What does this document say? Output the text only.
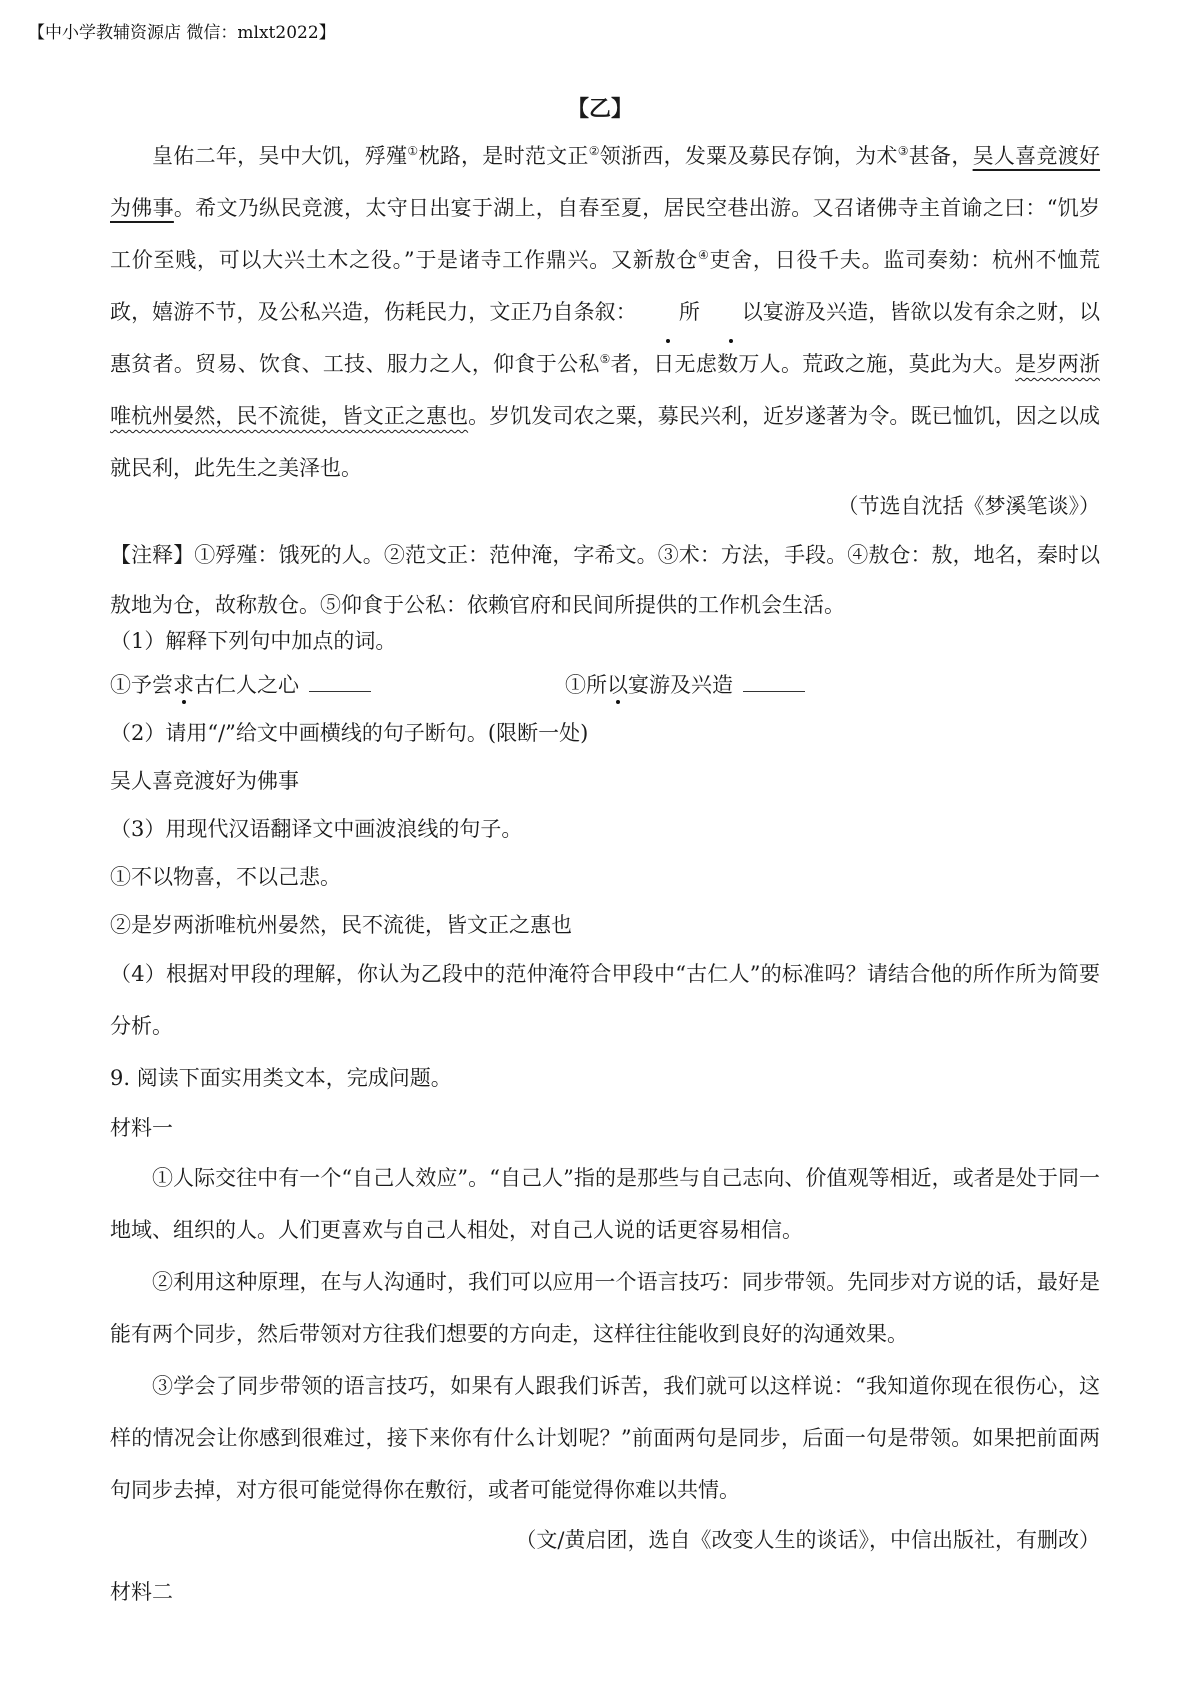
【中小学教辅资源店 微信：mlxt2022】
【乙】
皇佑二年，吴中大饥，殍殣①枕路，是时范文正②领浙西，发粟及募民存饷，为术③甚备，吴人喜竞渡好为佛事。希文乃纵民竞渡，太守日出宴于湖上，自春至夏，居民空巷出游。又召诸佛寺主首谕之曰：“饥岁工价至贱，可以大兴土木之役。”于是诸寺工作鼎兴。又新敖仓④吏舍，日役千夫。监司奏劾：杭州不恤荒政，嬉游不节，及公私兴造，伤耗民力，文正乃自条叙： 所 以宴游及兴造，皆欲以发有余之财，以惠贫者。贸易、饮食、工技、服力之人，仰食于公私⑤者，日无虑数万人。荒政之施，莫此为大。是岁两浙唯杭州晏然，民不流徙，皆文正之惠也。岁饥发司农之粟，募民兴利，近岁遂著为令。既已恤饥，因之以成就民利，此先生之美泽也。
（节选自沈括《梦溪笔谈》）
【注释】①殍殣：饿死的人。②范文正：范仲淹，字希文。③术：方法，手段。④敖仓：敖，地名，秦时以敖地为仓，故称敖仓。⑤仰食于公私：依赖官府和民间所提供的工作机会生活。
（1）解释下列句中加点的词。
①予尝求古仁人之心	①所以宴游及兴造
（2）请用“/”给文中画横线的句子断句。(限断一处)
吴人喜竞渡好为佛事
（3）用现代汉语翻译文中画波浪线的句子。
①不以物喜，不以己悲。
②是岁两浙唯杭州晏然，民不流徙，皆文正之惠也
（4）根据对甲段的理解，你认为乙段中的范仲淹符合甲段中“古仁人”的标准吗？请结合他的所作所为简要分析。
9. 阅读下面实用类文本，完成问题。
材料一
①人际交往中有一个“自己人效应”。“自己人”指的是那些与自己志向、价值观等相近，或者是处于同一地域、组织的人。人们更喜欢与自己人相处，对自己人说的话更容易相信。
②利用这种原理，在与人沟通时，我们可以应用一个语言技巧：同步带领。先同步对方说的话，最好是能有两个同步，然后带领对方往我们想要的方向走，这样往往能收到良好的沟通效果。
③学会了同步带领的语言技巧，如果有人跟我们诉苦，我们就可以这样说：“我知道你现在很伤心，这样的情况会让你感到很难过，接下来你有什么计划呢？”前面两句是同步，后面一句是带领。如果把前面两句同步去掉，对方很可能觉得你在敷衍，或者可能觉得你难以共情。
（文/黄启团，选自《改变人生的谈话》，中信出版社，有删改）
材料二
